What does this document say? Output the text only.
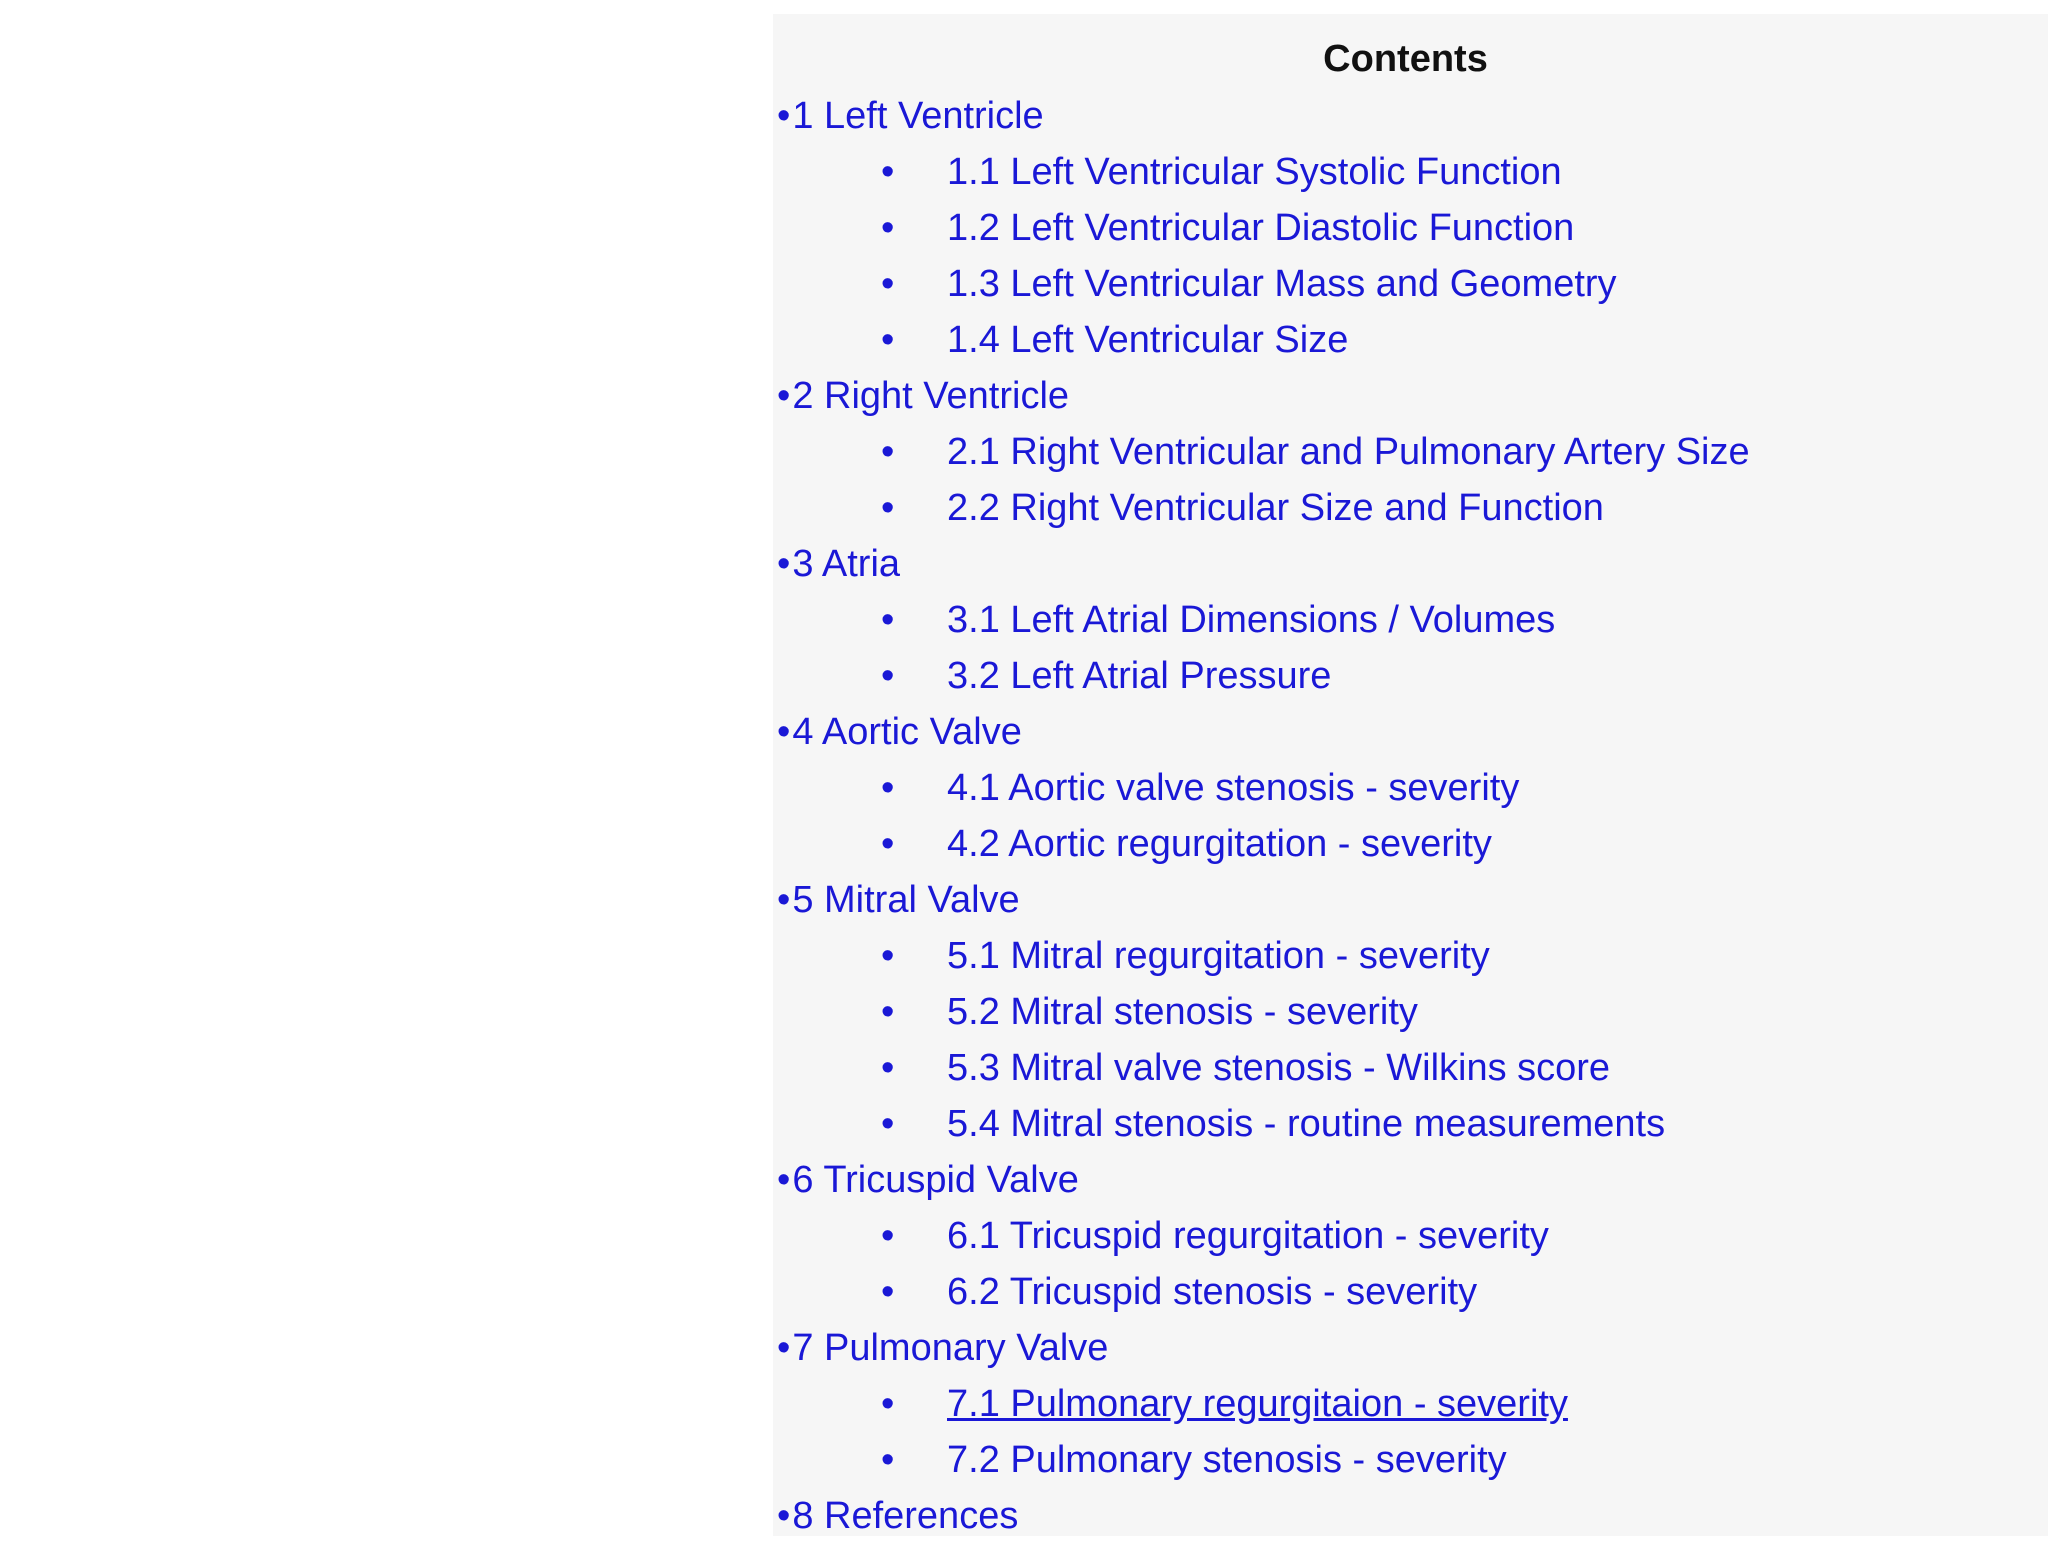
Contents
•1 Left Ventricle
• 1.1 Left Ventricular Systolic Function
• 1.2 Left Ventricular Diastolic Function
• 1.3 Left Ventricular Mass and Geometry
• 1.4 Left Ventricular Size
•2 Right Ventricle
• 2.1 Right Ventricular and Pulmonary Artery Size
• 2.2 Right Ventricular Size and Function
•3 Atria
• 3.1 Left Atrial Dimensions / Volumes
• 3.2 Left Atrial Pressure
•4 Aortic Valve
• 4.1 Aortic valve stenosis - severity
• 4.2 Aortic regurgitation - severity
•5 Mitral Valve
• 5.1 Mitral regurgitation - severity
• 5.2 Mitral stenosis - severity
• 5.3 Mitral valve stenosis - Wilkins score
• 5.4 Mitral stenosis - routine measurements
•6 Tricuspid Valve
• 6.1 Tricuspid regurgitation - severity
• 6.2 Tricuspid stenosis - severity
•7 Pulmonary Valve
• 7.1 Pulmonary regurgitaion - severity
• 7.2 Pulmonary stenosis - severity
•8 References
